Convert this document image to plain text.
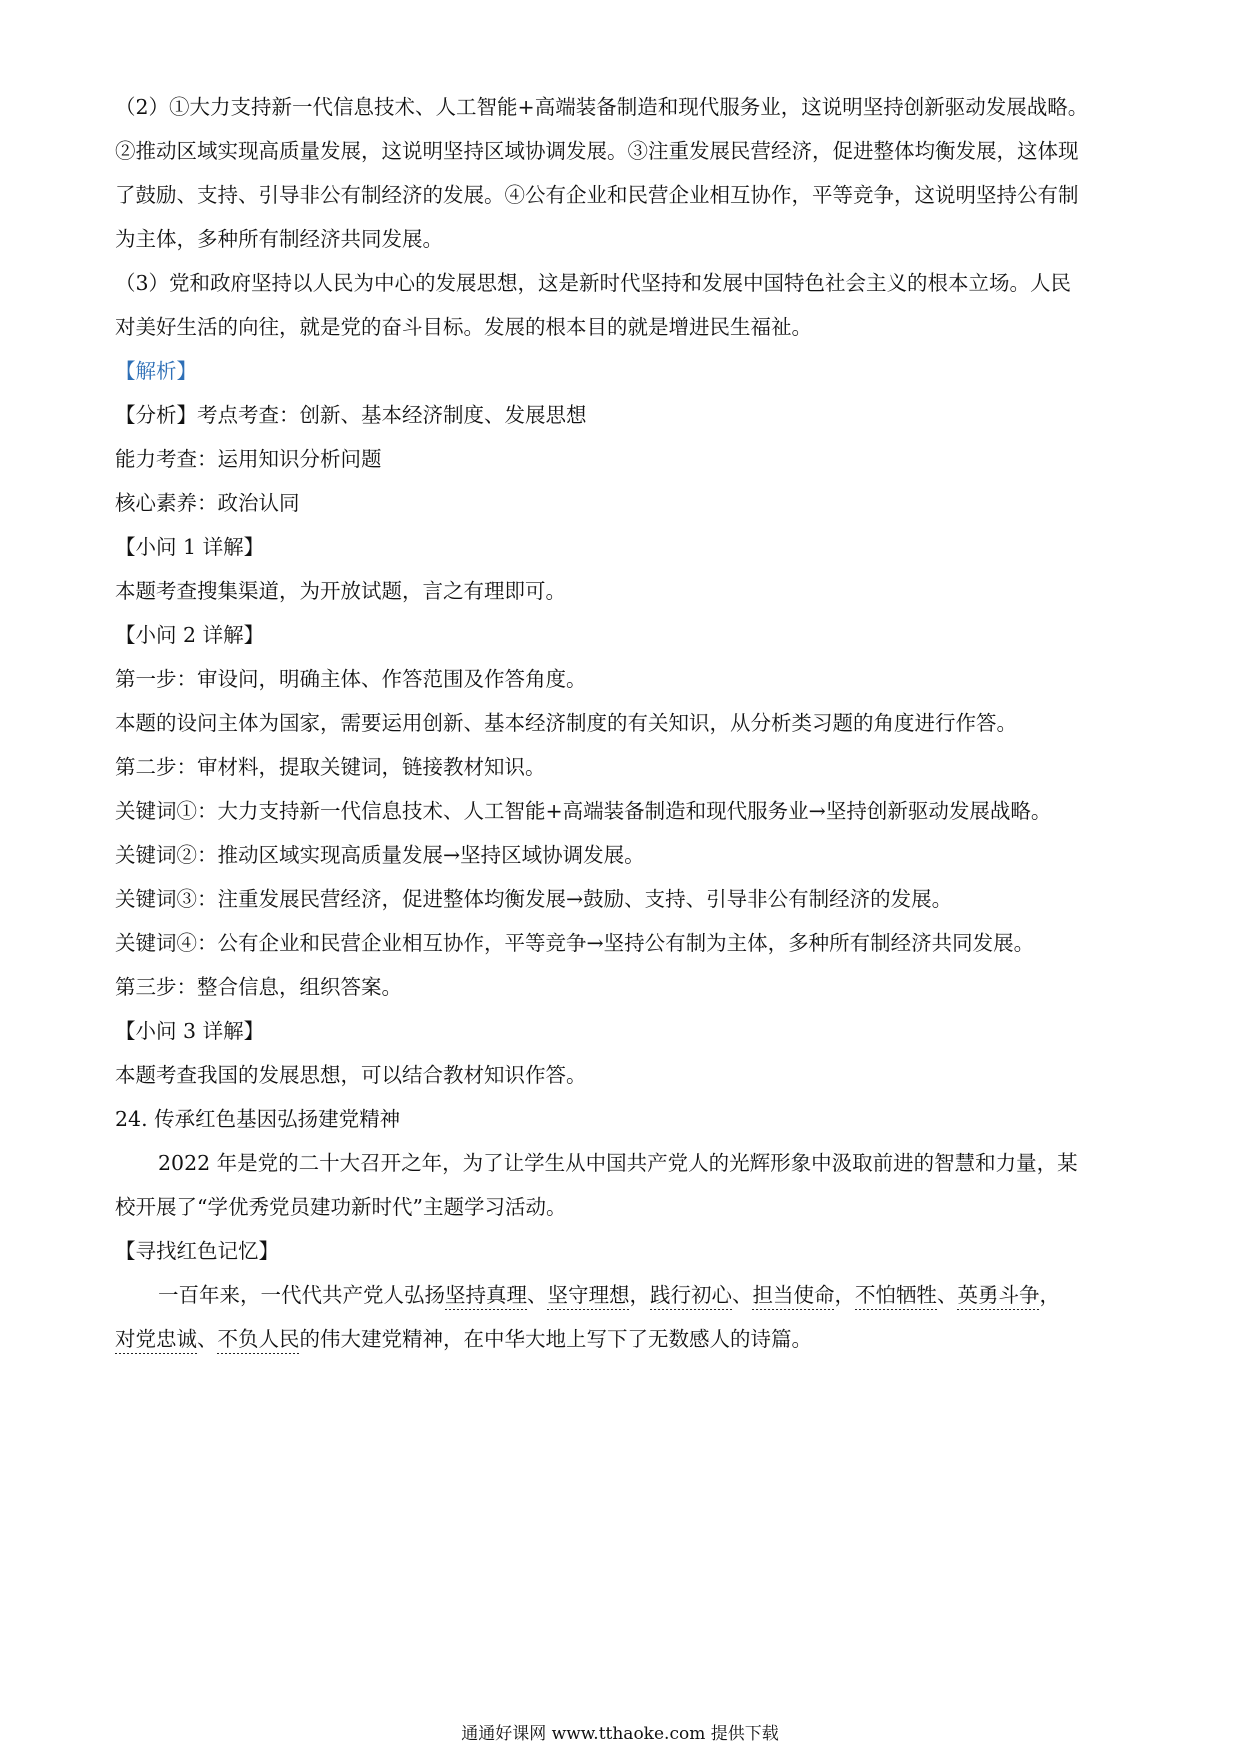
（2）①大力支持新一代信息技术、人工智能+高端装备制造和现代服务业，这说明坚持创新驱动发展战略。

②推动区域实现高质量发展，这说明坚持区域协调发展。③注重发展民营经济，促进整体均衡发展，这体现

了鼓励、支持、引导非公有制经济的发展。④公有企业和民营企业相互协作，平等竞争，这说明坚持公有制

为主体，多种所有制经济共同发展。

（3）党和政府坚持以人民为中心的发展思想，这是新时代坚持和发展中国特色社会主义的根本立场。人民

对美好生活的向往，就是党的奋斗目标。发展的根本目的就是增进民生福祉。

【解析】

【分析】考点考查：创新、基本经济制度、发展思想

能力考查：运用知识分析问题

核心素养：政治认同

【小问 1 详解】

本题考查搜集渠道，为开放试题，言之有理即可。

【小问 2 详解】

第一步：审设问，明确主体、作答范围及作答角度。

本题的设问主体为国家，需要运用创新、基本经济制度的有关知识，从分析类习题的角度进行作答。

第二步：审材料，提取关键词，链接教材知识。

关键词①：大力支持新一代信息技术、人工智能+高端装备制造和现代服务业→坚持创新驱动发展战略。

关键词②：推动区域实现高质量发展→坚持区域协调发展。

关键词③：注重发展民营经济，促进整体均衡发展→鼓励、支持、引导非公有制经济的发展。

关键词④：公有企业和民营企业相互协作，平等竞争→坚持公有制为主体，多种所有制经济共同发展。

第三步：整合信息，组织答案。

【小问 3 详解】

本题考查我国的发展思想，可以结合教材知识作答。

24. 传承红色基因弘扬建党精神

2022 年是党的二十大召开之年，为了让学生从中国共产党人的光辉形象中汲取前进的智慧和力量，某

校开展了“学优秀党员建功新时代”主题学习活动。

【寻找红色记忆】

一百年来，一代代共产党人弘扬坚持真理、坚守理想，践行初心、担当使命，不怕牺牲、英勇斗争，

对党忠诚、不负人民的伟大建党精神，在中华大地上写下了无数感人的诗篇。

通通好课网 www.tthaoke.com 提供下载
